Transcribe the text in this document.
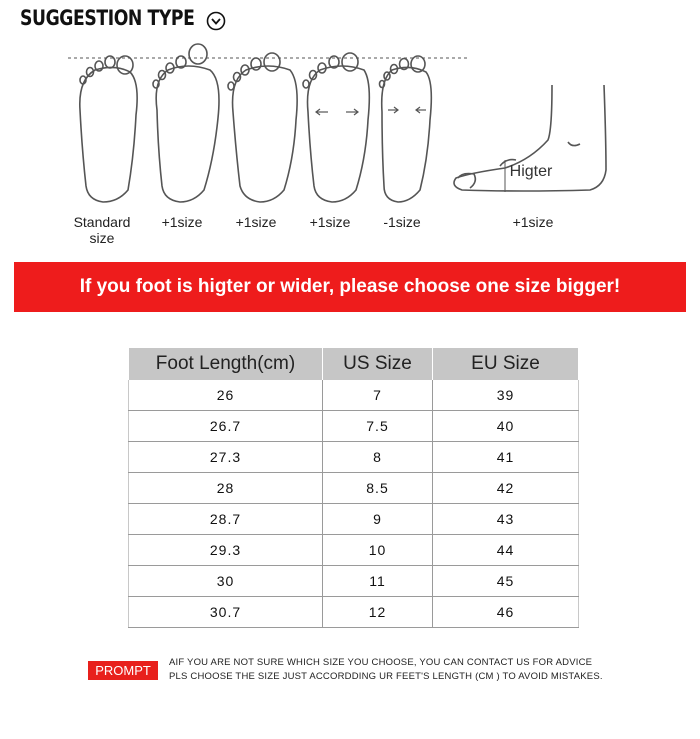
SUGGESTION TYPE
Higter
Standard
size
+1size	+1size	+1size	-1size	+1size
If you foot is higter or wider, please choose one size bigger!
Foot Length(cm)	US Size	EU Size
26	7	39
26.7	7.5	40
27.3	8	41
28	8.5	42
28.7	9	43
29.3	10	44
30	11	45
30.7	12	46
PROMPT
AIF YOU ARE NOT SURE WHICH SIZE YOU CHOOSE, YOU CAN CONTACT US FOR ADVICE
PLS CHOOSE THE SIZE JUST ACCORDDING UR FEET'S LENGTH (CM ) TO AVOID MISTAKES.
